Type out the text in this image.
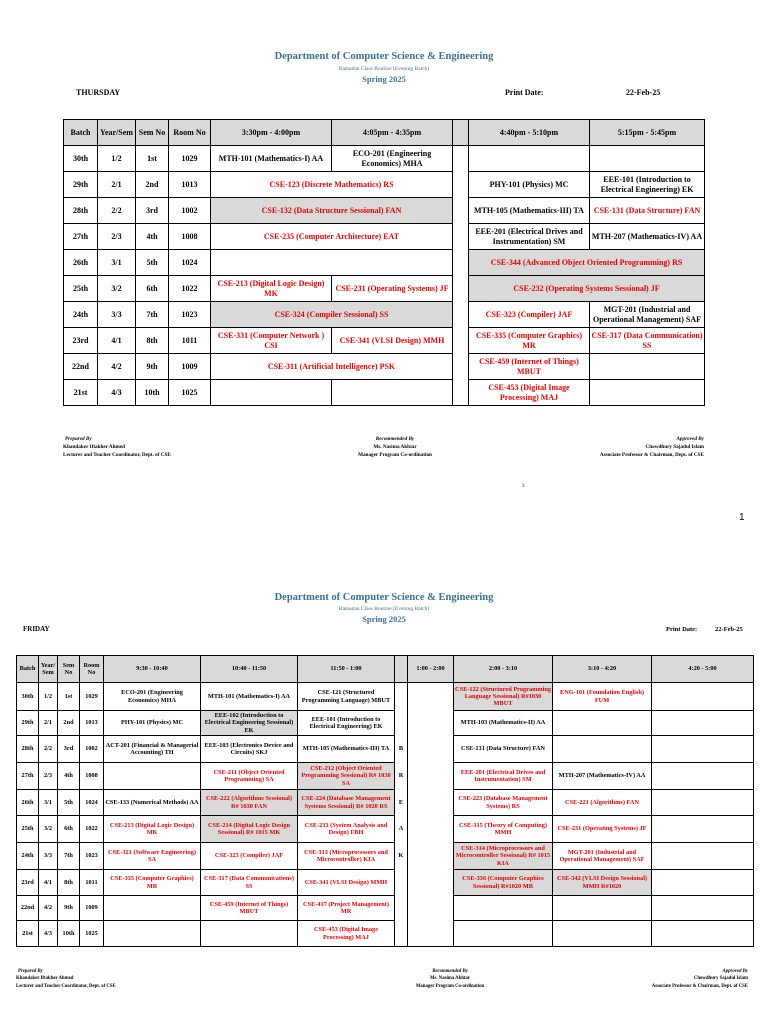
Department of Computer Science & Engineering
Ramadan Class Routine (Evening Batch)
Spring 2025
THURSDAY	Print Date:	22-Feb-25
Batch	Year/Sem	Sem No	Room No	3:30pm - 4:00pm	4:05pm - 4:35pm		4:40pm - 5:10pm	5:15pm - 5:45pm
30th	1/2	1st	1029	MTH-101 (Mathematics-I) AA	ECO-201 (Engineering Economics) MHA			
29th	2/1	2nd	1013	CSE-123 (Discrete Mathematics) RS			PHY-101 (Physics) MC	EEE-101 (Introduction to Electrical Engineering) EK
28th	2/2	3rd	1002	CSE-132 (Data Structure Sessional) FAN			MTH-105 (Mathematics-III) TA	CSE-131 (Data Structure) FAN
27th	2/3	4th	1008	CSE-235 (Computer Architecture) EAT			EEE-201 (Electrical Drives and Instrumentation) SM	MTH-207 (Mathematics-IV) AA
26th	3/1	5th	1024				CSE-344 (Advanced Object Oriented Programming) RS	
25th	3/2	6th	1022	CSE-213 (Digital Logic Design) MK	CSE-231 (Operating Systems) JF		CSE-232 (Operating Systems Sessional) JF	
24th	3/3	7th	1023	CSE-324 (Compiler Sessional) SS			CSE-323 (Compiler) JAF	MGT-201 (Industrial and Operational Management) SAF
23rd	4/1	8th	1011	CSE-331 (Computer Network ) CSI	CSE-341 (VLSI Design) MMH		CSE-335 (Computer Graphics) MR	CSE-317 (Data Communication) SS
22nd	4/2	9th	1009	CSE-311 (Artificial Intelligence) PSK			CSE-459 (Internet of Things) MBUT	
21st	4/3	10th	1025				CSE-453 (Digital Image Processing) MAJ	
Prepared By
Khandaker Iftakher Ahmed
Lecturer and Teacher Coordinator, Dept. of CSE
Recommended By
Ms. Nasima Akhtar
Manager Program Co-ordination
Approved By
Chowdhury Sajadul Islam
Associate Professor & Chairman, Dept. of CSE
3
1
Department of Computer Science & Engineering
Ramadan Class Routine (Evening Batch)
Spring 2025
FRIDAY	Print Date:	22-Feb-25
Batch	Year/ Sem	Sem No	Room No	9:30 - 10:40	10:40 - 11:50	11:50 - 1:00		1:00 - 2:00	2:00 - 3:10	3:10 - 4:20	4:20 - 5:00
30th	1/2	1st	1029	ECO-201 (Engineering Economics) MHA	MTH-101 (Mathematics-I) AA	CSE-121 (Structured Programming Language) MBUT			CSE-122 (Structured Programming Language Sessional) R#1030 MBUT	ENG-101 (Foundation English) FUM	
29th	2/1	2nd	1013	PHY-101 (Physics) MC	EEE-102 (Introduction to Electrical Engineering Sessional) EK	EEE-101 (Introduction to Electrical Engineering) EK			MTH-103 (Mathematics-II) AA		
28th	2/2	3rd	1002	ACT-201 (Financial & Managerial Accounting) TH	EEE-103 (Electronics Device and Circuits) SKJ	MTH-105 (Mathematics-III) TA	B		CSE-131 (Data Structure) FAN		
27th	2/3	4th	1008		CSE-211 (Object Oriented Programming) SA	CSE-212 (Object Oriented Programming Sessional) R# 1030 SA	R		EEE-201 (Electrical Drives and Instrumentation) SM	MTH-207 (Mathematics-IV) AA	
26th	3/1	5th	1024	CSE-133 (Numerical Methods) AA	CSE-222 (Algorithms Sessional) R# 1030 FAN	CSE-224 (Database Management Systems Sessional) R# 1020 RS	E		CSE-223 (Database Management Systems) RS	CSE-221 (Algorithms) FAN	
25th	3/2	6th	1022	CSE-213 (Digital Logic Design) MK	CSE-214 (Digital Logic Design Sessional) R# 1015 MK	CSE-233 (System Analysis and Design) FBH	A		CSE-315 (Theory of Computing) MMH	CSE-231 (Operating Systems) JF	
24th	3/3	7th	1023	CSE-321 (Software Engineering) SA	CSE-323 (Compiler) JAF	CSE-313 (Microprocessors and Microcontroller) KIA	K		CSE-314 (Microprocessors and Microcontroller Sessional) R# 1015 KIA	MGT-201 (Industrial and Operational Management) SAF	
23rd	4/1	8th	1011	CSE-335 (Computer Graphics) MR	CSE-317 (Data Communications) SS	CSE-341 (VLSI Design) MMH			CSE-336 (Computer Graphics Sessional) R#1020 MR	CSE-342 (VLSI Design Sessional) MMH R#1020	
22nd	4/2	9th	1009		CSE-459 (Internet of Things) MBUT	CSE-417 (Project Management) MR					
21st	4/3	10th	1025			CSE-453 (Digital Image Processing) MAJ					
Prepared By
Khandaker Iftakher Ahmed
Lecturer and Teacher Coordinator, Dept. of CSE
Recommended By
Ms. Nasima Akhtar
Manager Program Co-ordination
Approved By
Chowdhury Sajadul Islam
Associate Professor & Chairman, Dept. of CSE
